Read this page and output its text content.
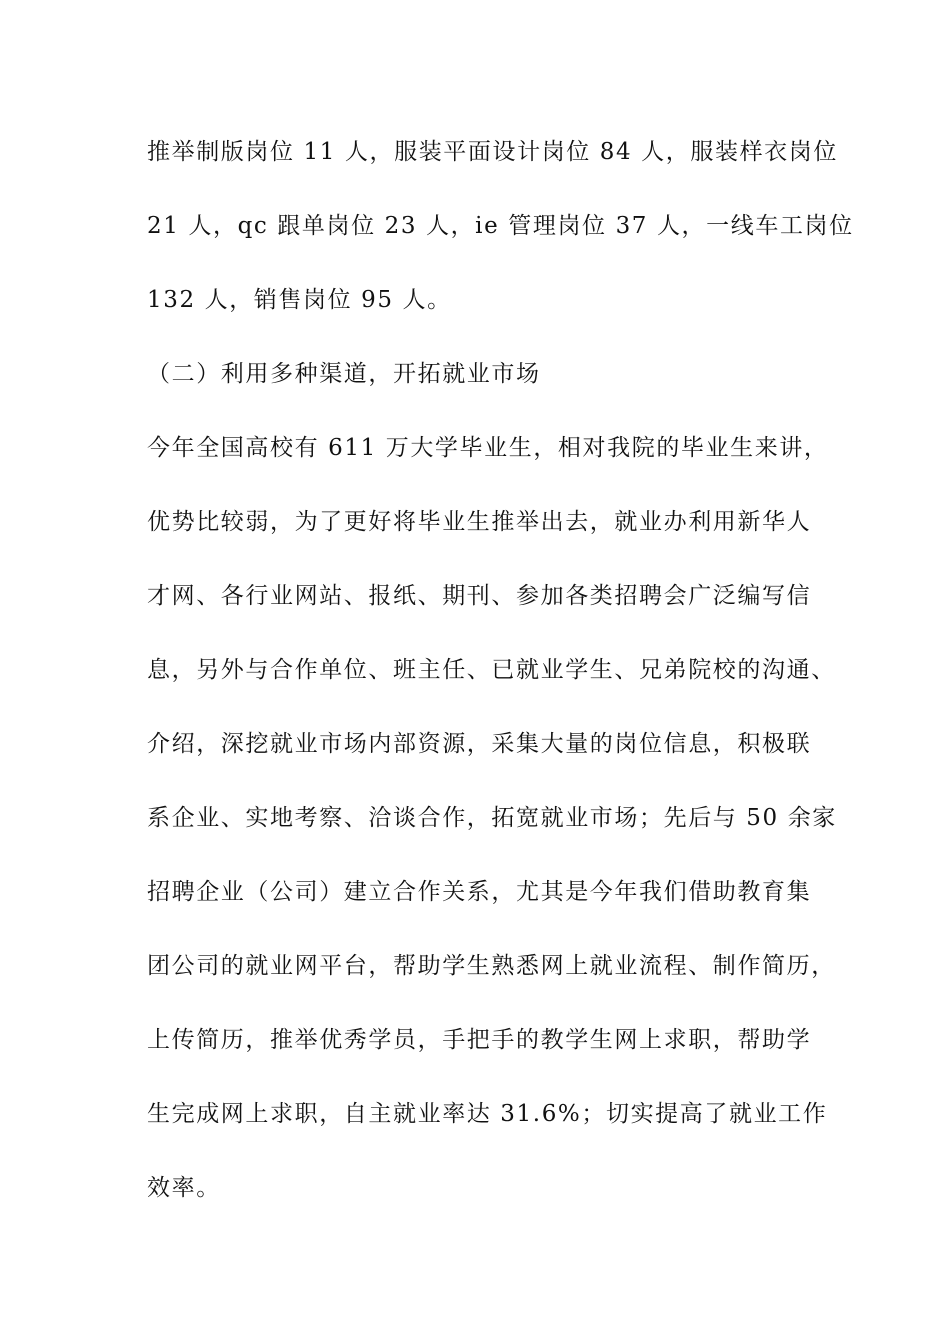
推举制版岗位 11 人，服装平面设计岗位 84 人，服装样衣岗位
21 人，qc 跟单岗位 23 人，ie 管理岗位 37 人，一线车工岗位
132 人，销售岗位 95 人。
（二）利用多种渠道，开拓就业市场
今年全国高校有 611 万大学毕业生，相对我院的毕业生来讲，
优势比较弱，为了更好将毕业生推举出去，就业办利用新华人
才网、各行业网站、报纸、期刊、参加各类招聘会广泛编写信
息，另外与合作单位、班主任、已就业学生、兄弟院校的沟通、
介绍，深挖就业市场内部资源，采集大量的岗位信息，积极联
系企业、实地考察、洽谈合作，拓宽就业市场；先后与 50 余家
招聘企业（公司）建立合作关系，尤其是今年我们借助教育集
团公司的就业网平台，帮助学生熟悉网上就业流程、制作简历，
上传简历，推举优秀学员，手把手的教学生网上求职，帮助学
生完成网上求职，自主就业率达 31.6%；切实提高了就业工作
效率。
